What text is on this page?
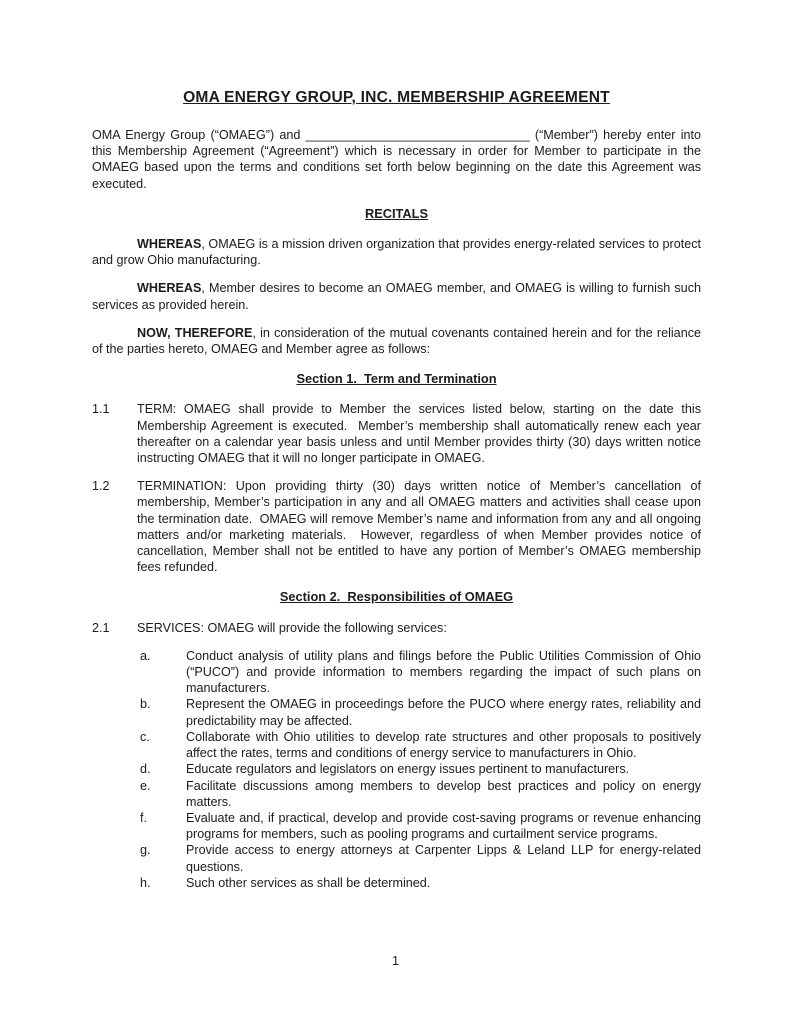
OMA ENERGY GROUP, INC. MEMBERSHIP AGREEMENT

OMA Energy Group (“OMAEG”) and ________________________________ (“Member”) hereby enter into this Membership Agreement (“Agreement”) which is necessary in order for Member to participate in the OMAEG based upon the terms and conditions set forth below beginning on the date this Agreement was executed.

RECITALS

WHEREAS, OMAEG is a mission driven organization that provides energy-related services to protect and grow Ohio manufacturing.

WHEREAS, Member desires to become an OMAEG member, and OMAEG is willing to furnish such services as provided herein.

NOW, THEREFORE, in consideration of the mutual covenants contained herein and for the reliance of the parties hereto, OMAEG and Member agree as follows:

Section 1.  Term and Termination
1.1 TERM: OMAEG shall provide to Member the services listed below, starting on the date this Membership Agreement is executed.  Member’s membership shall automatically renew each year thereafter on a calendar year basis unless and until Member provides thirty (30) days written notice instructing OMAEG that it will no longer participate in OMAEG.
1.2 TERMINATION: Upon providing thirty (30) days written notice of Member’s cancellation of membership, Member’s participation in any and all OMAEG matters and activities shall cease upon the termination date.  OMAEG will remove Member’s name and information from any and all ongoing matters and/or marketing materials.  However, regardless of when Member provides notice of cancellation, Member shall not be entitled to have any portion of Member’s OMAEG membership fees refunded.
Section 2.  Responsibilities of OMAEG
2.1 SERVICES: OMAEG will provide the following services:
a.	Conduct analysis of utility plans and filings before the Public Utilities Commission of Ohio (“PUCO”) and provide information to members regarding the impact of such plans on manufacturers.
b.	Represent the OMAEG in proceedings before the PUCO where energy rates, reliability and predictability may be affected.
c.	Collaborate with Ohio utilities to develop rate structures and other proposals to positively affect the rates, terms and conditions of energy service to manufacturers in Ohio.
d.	Educate regulators and legislators on energy issues pertinent to manufacturers.
e.	Facilitate discussions among members to develop best practices and policy on energy matters.
f.	Evaluate and, if practical, develop and provide cost-saving programs or revenue enhancing programs for members, such as pooling programs and curtailment service programs.
g.	Provide access to energy attorneys at Carpenter Lipps & Leland LLP for energy-related questions.
h.	Such other services as shall be determined.
1
